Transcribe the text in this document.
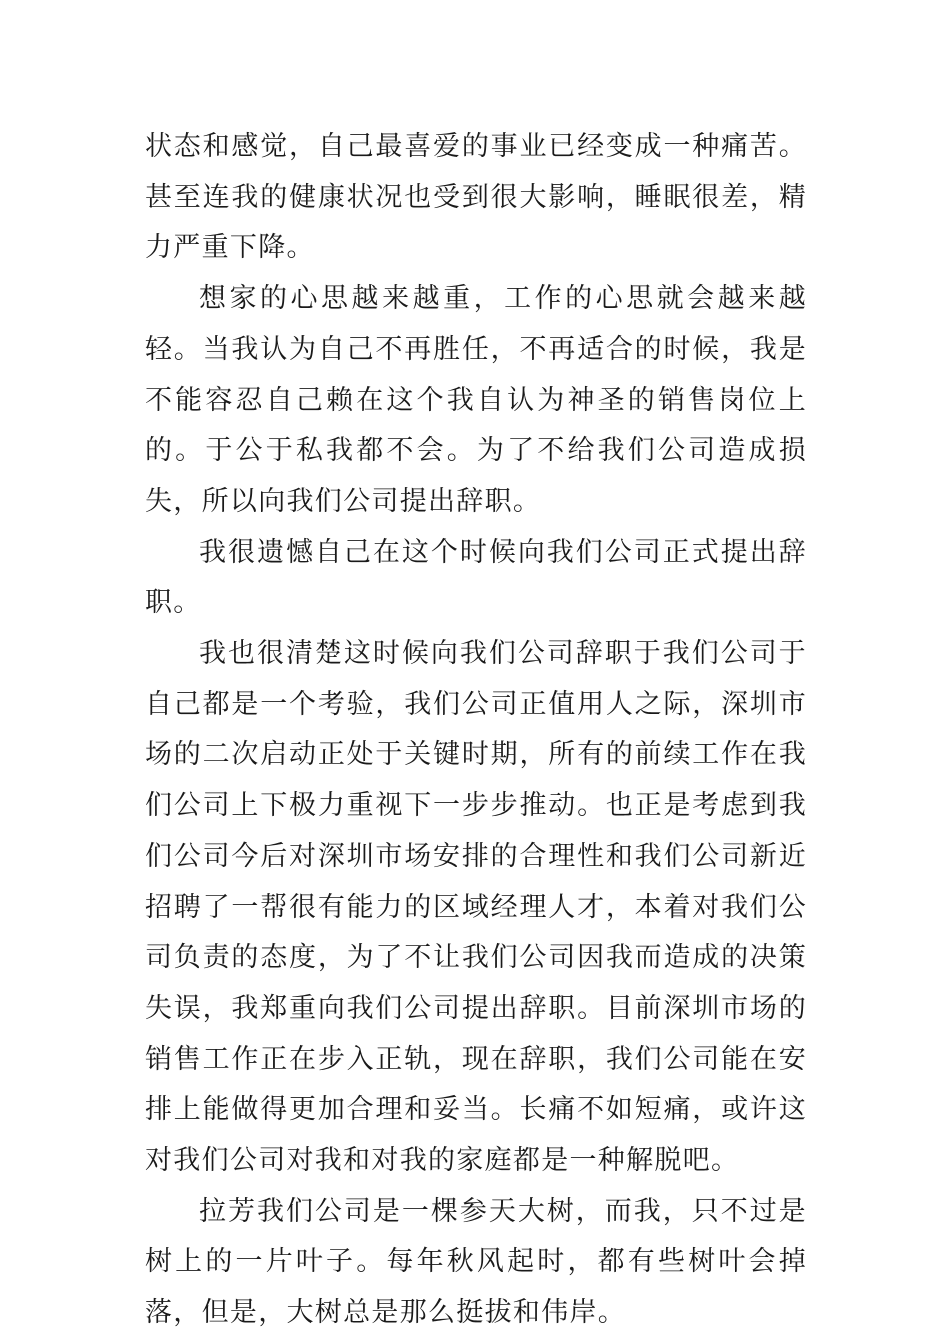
状态和感觉，自己最喜爱的事业已经变成一种痛苦。甚至连我的健康状况也受到很大影响，睡眠很差，精力严重下降。

想家的心思越来越重，工作的心思就会越来越轻。当我认为自己不再胜任，不再适合的时候，我是不能容忍自己赖在这个我自认为神圣的销售岗位上的。于公于私我都不会。为了不给我们公司造成损失，所以向我们公司提出辞职。

我很遗憾自己在这个时候向我们公司正式提出辞职。

我也很清楚这时候向我们公司辞职于我们公司于自己都是一个考验，我们公司正值用人之际，深圳市场的二次启动正处于关键时期，所有的前续工作在我们公司上下极力重视下一步步推动。也正是考虑到我们公司今后对深圳市场安排的合理性和我们公司新近招聘了一帮很有能力的区域经理人才，本着对我们公司负责的态度，为了不让我们公司因我而造成的决策失误，我郑重向我们公司提出辞职。目前深圳市场的销售工作正在步入正轨，现在辞职，我们公司能在安排上能做得更加合理和妥当。长痛不如短痛，或许这对我们公司对我和对我的家庭都是一种解脱吧。

拉芳我们公司是一棵参天大树，而我，只不过是树上的一片叶子。每年秋风起时，都有些树叶会掉落，但是，大树总是那么挺拔和伟岸。
